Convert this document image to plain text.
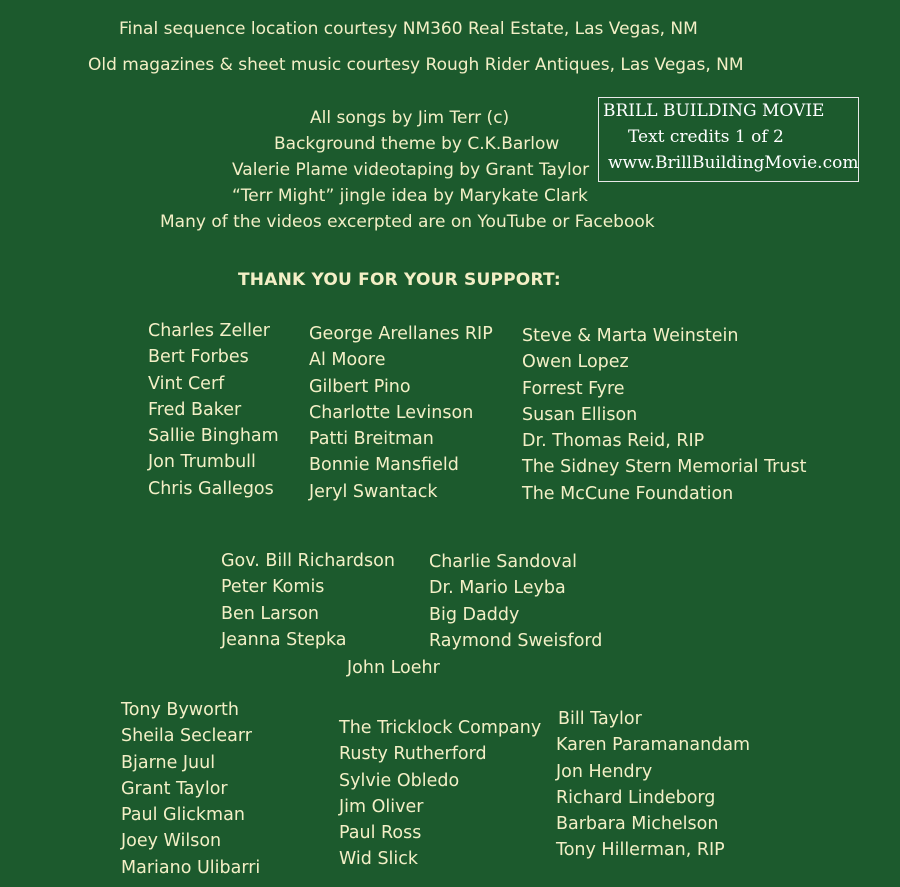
Final sequence location courtesy NM360 Real Estate, Las Vegas, NM
Old magazines & sheet music courtesy Rough Rider Antiques, Las Vegas, NM
All songs by Jim Terr (c)
Background theme by C.K.Barlow
Valerie Plame videotaping by Grant Taylor
“Terr Might” jingle idea by Marykate Clark
Many of the videos excerpted are on YouTube or Facebook
BRILL BUILDING MOVIE
Text credits 1 of 2
www.BrillBuildingMovie.com
THANK YOU FOR YOUR SUPPORT:
Charles Zeller
Bert Forbes
Vint Cerf
Fred Baker
Sallie Bingham
Jon Trumbull
Chris Gallegos
George Arellanes RIP
Al Moore
Gilbert Pino
Charlotte Levinson
Patti Breitman
Bonnie Mansfield
Jeryl Swantack
Steve & Marta Weinstein
Owen Lopez
Forrest Fyre
Susan Ellison
Dr. Thomas Reid, RIP
The Sidney Stern Memorial Trust
The McCune Foundation
Gov. Bill Richardson
Peter Komis
Ben Larson
Jeanna Stepka
Charlie Sandoval
Dr. Mario Leyba
Big Daddy
Raymond Sweisford
John Loehr
Tony Byworth
Sheila Seclearr
Bjarne Juul
Grant Taylor
Paul Glickman
Joey Wilson
Mariano Ulibarri
The Tricklock Company
Rusty Rutherford
Sylvie Obledo
Jim Oliver
Paul Ross
Wid Slick
Bill Taylor
Karen Paramanandam
Jon Hendry
Richard Lindeborg
Barbara Michelson
Tony Hillerman, RIP
